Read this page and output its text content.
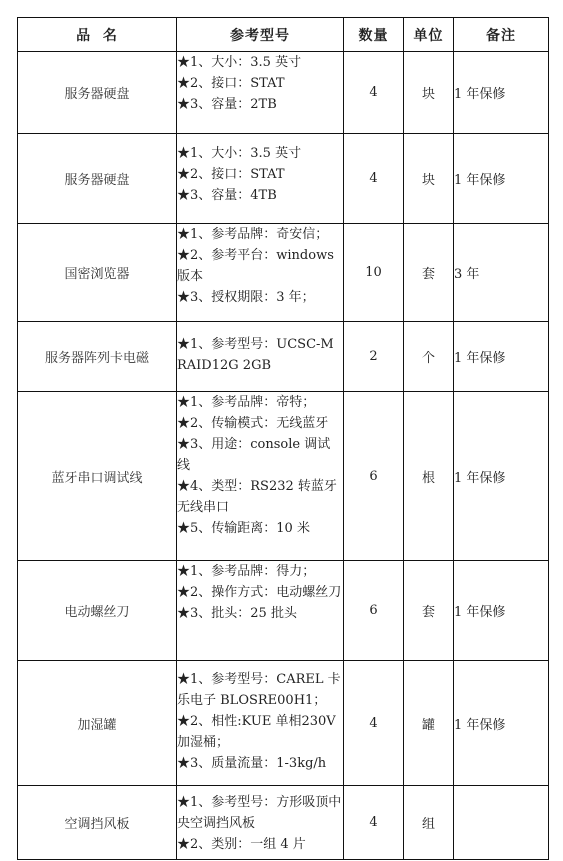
品  名	参考型号	数量	单位	备注
服务器硬盘	★1、大小：3.5 英寸
★2、接口：STAT
★3、容量：2TB	4	块	1 年保修
服务器硬盘	★1、大小：3.5 英寸
★2、接口：STAT
★3、容量：4TB	4	块	1 年保修
国密浏览器	★1、参考品牌：奇安信；
★2、参考平台：windows 版本
★3、授权期限：3 年；	10	套	3 年
服务器阵列卡电磁	★1、参考型号：UCSC-MRAID12G 2GB	2	个	1 年保修
蓝牙串口调试线	★1、参考品牌：帝特；
★2、传输模式：无线蓝牙
★3、用途：console 调试线
★4、类型：RS232 转蓝牙无线串口
★5、传输距离：10 米	6	根	1 年保修
电动螺丝刀	★1、参考品牌：得力；
★2、操作方式：电动螺丝刀
★3、批头：25 批头	6	套	1 年保修
加湿罐	★1、参考型号：CAREL 卡乐电子 BLOSRE00H1；
★2、相性:KUE 单相230V 加湿桶；
★3、质量流量：1-3kg/h	4	罐	1 年保修
空调挡风板	★1、参考型号：方形吸顶中央空调挡风板
★2、类别：一组 4 片	4	组	
